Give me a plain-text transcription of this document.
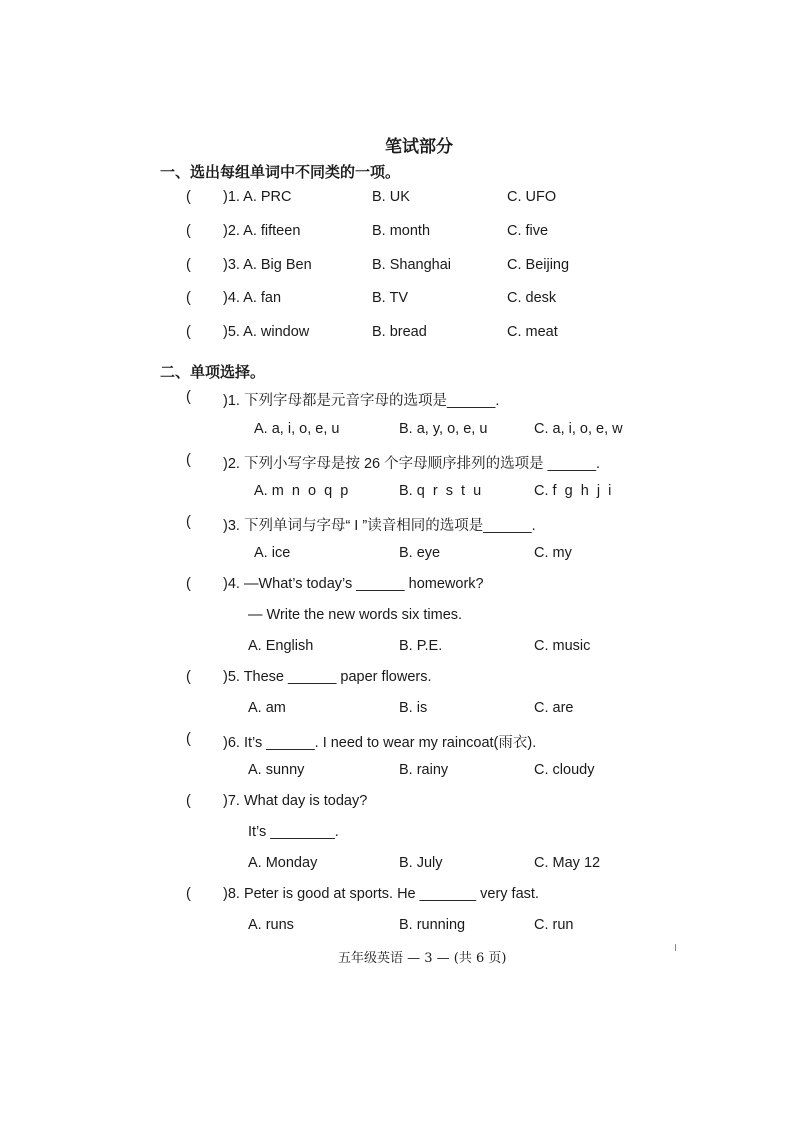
笔试部分
一、选出每组单词中不同类的一项。
( )1. A. PRC	B. UK	C. UFO
( )2. A. fifteen	B. month	C. five
( )3. A. Big Ben	B. Shanghai	C. Beijing
( )4. A. fan	B. TV	C. desk
( )5. A. window	B. bread	C. meat
二、单项选择。
( )1. 下列字母都是元音字母的选项是______.
A. a, i, o, e, u	B. a, y, o, e, u	C. a, i, o, e, w
( )2. 下列小写字母是按 26 个字母顺序排列的选项是 ______.
A. m  n  o  q  p	B. q  r  s  t  u	C. f  g  h  j  i
( )3. 下列单词与字母“ I ”读音相同的选项是______.
A. ice	B. eye	C. my
( )4. —What’s today’s ______ homework?
— Write the new words six times.
A. English	B. P.E.	C. music
( )5. These ______ paper flowers.
A. am	B. is	C. are
( )6. It’s ______. I need to wear my raincoat(雨衣).
A. sunny	B. rainy	C. cloudy
( )7. What day is today?
It’s ________.
A. Monday	B. July	C. May 12
( )8. Peter is good at sports. He _______ very fast.
A. runs	B. running	C. run
五年级英语 — 3 — (共 6 页)
